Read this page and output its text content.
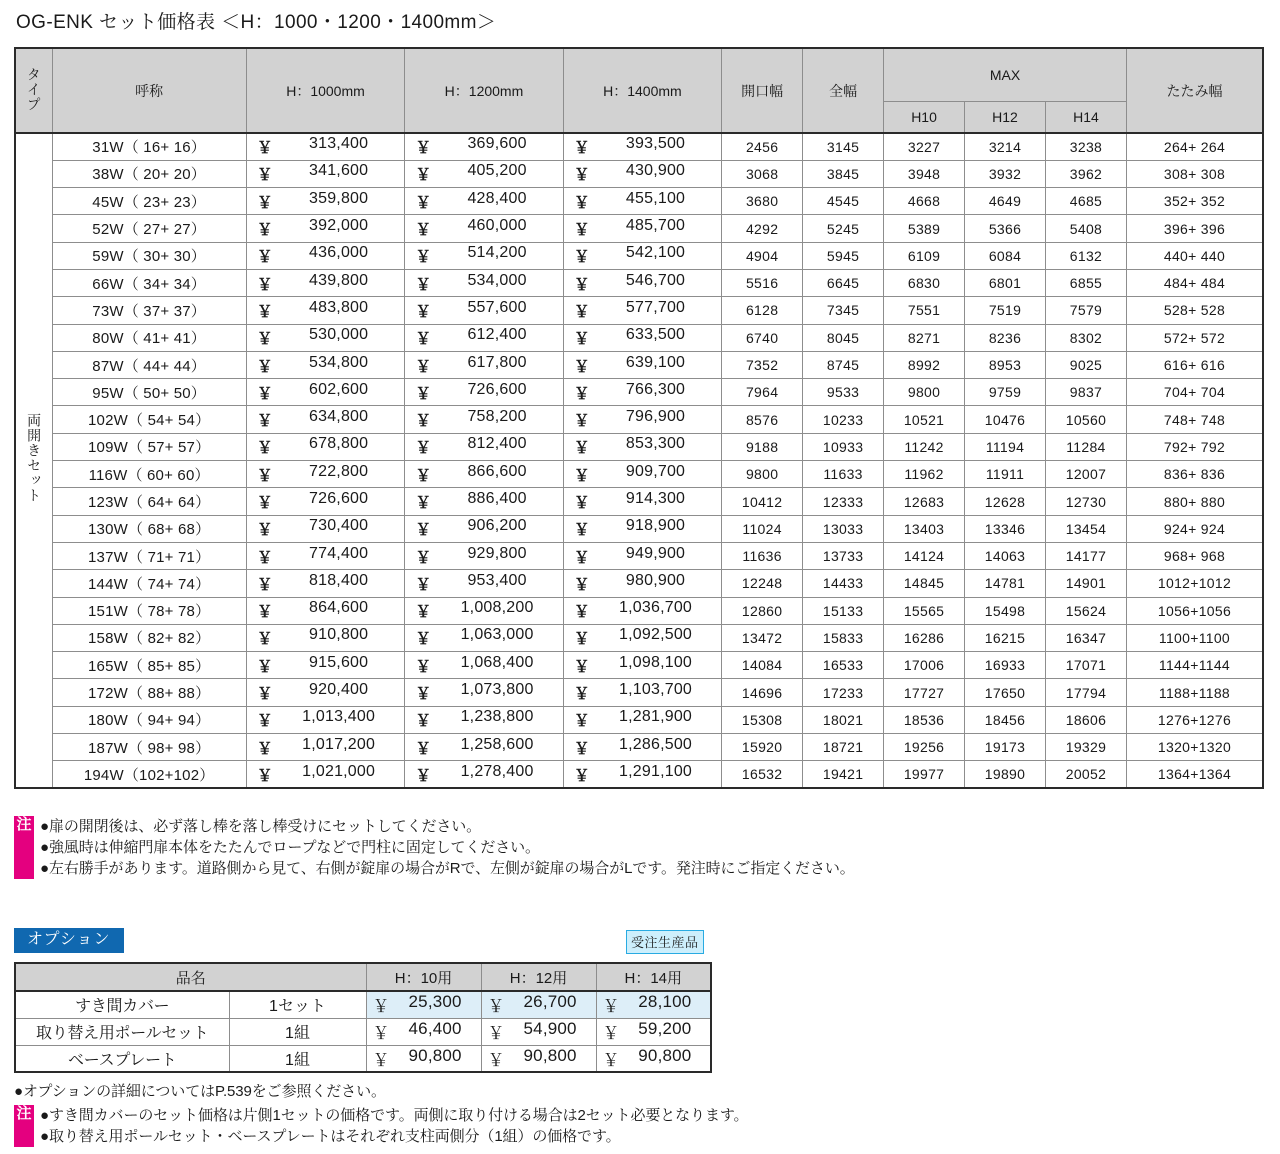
OG-ENK セット価格表 ＜H：1000・1200・1400mm＞
タイプ	呼称	H：1000mm	H：1200mm	H：1400mm	開口幅	全幅	MAX			たたみ幅
							H10	H12	H14	
両開きセット	31W（ 16+ 16）	￥ 313,400	￥ 369,600	￥ 393,500	2456	3145	3227	3214	3238	264+ 264
	38W（ 20+ 20）	￥ 341,600	￥ 405,200	￥ 430,900	3068	3845	3948	3932	3962	308+ 308
	45W（ 23+ 23）	￥ 359,800	￥ 428,400	￥ 455,100	3680	4545	4668	4649	4685	352+ 352
	52W（ 27+ 27）	￥ 392,000	￥ 460,000	￥ 485,700	4292	5245	5389	5366	5408	396+ 396
	59W（ 30+ 30）	￥ 436,000	￥ 514,200	￥ 542,100	4904	5945	6109	6084	6132	440+ 440
	66W（ 34+ 34）	￥ 439,800	￥ 534,000	￥ 546,700	5516	6645	6830	6801	6855	484+ 484
	73W（ 37+ 37）	￥ 483,800	￥ 557,600	￥ 577,700	6128	7345	7551	7519	7579	528+ 528
	80W（ 41+ 41）	￥ 530,000	￥ 612,400	￥ 633,500	6740	8045	8271	8236	8302	572+ 572
	87W（ 44+ 44）	￥ 534,800	￥ 617,800	￥ 639,100	7352	8745	8992	8953	9025	616+ 616
	95W（ 50+ 50）	￥ 602,600	￥ 726,600	￥ 766,300	7964	9533	9800	9759	9837	704+ 704
	102W（ 54+ 54）	￥ 634,800	￥ 758,200	￥ 796,900	8576	10233	10521	10476	10560	748+ 748
	109W（ 57+ 57）	￥ 678,800	￥ 812,400	￥ 853,300	9188	10933	11242	11194	11284	792+ 792
	116W（ 60+ 60）	￥ 722,800	￥ 866,600	￥ 909,700	9800	11633	11962	11911	12007	836+ 836
	123W（ 64+ 64）	￥ 726,600	￥ 886,400	￥ 914,300	10412	12333	12683	12628	12730	880+ 880
	130W（ 68+ 68）	￥ 730,400	￥ 906,200	￥ 918,900	11024	13033	13403	13346	13454	924+ 924
	137W（ 71+ 71）	￥ 774,400	￥ 929,800	￥ 949,900	11636	13733	14124	14063	14177	968+ 968
	144W（ 74+ 74）	￥ 818,400	￥ 953,400	￥ 980,900	12248	14433	14845	14781	14901	1012+1012
	151W（ 78+ 78）	￥ 864,600	￥ 1,008,200	￥ 1,036,700	12860	15133	15565	15498	15624	1056+1056
	158W（ 82+ 82）	￥ 910,800	￥ 1,063,000	￥ 1,092,500	13472	15833	16286	16215	16347	1100+1100
	165W（ 85+ 85）	￥ 915,600	￥ 1,068,400	￥ 1,098,100	14084	16533	17006	16933	17071	1144+1144
	172W（ 88+ 88）	￥ 920,400	￥ 1,073,800	￥ 1,103,700	14696	17233	17727	17650	17794	1188+1188
	180W（ 94+ 94）	￥ 1,013,400	￥ 1,238,800	￥ 1,281,900	15308	18021	18536	18456	18606	1276+1276
	187W（ 98+ 98）	￥ 1,017,200	￥ 1,258,600	￥ 1,286,500	15920	18721	19256	19173	19329	1320+1320
	194W（102+102）	￥ 1,021,000	￥ 1,278,400	￥ 1,291,100	16532	19421	19977	19890	20052	1364+1364
注 ●扉の開閉後は、必ず落し棒を落し棒受けにセットしてください。
●強風時は伸縮門扉本体をたたんでロープなどで門柱に固定してください。
●左右勝手があります。道路側から見て、右側が錠扉の場合がRで、左側が錠扉の場合がLです。発注時にご指定ください。
オプション	受注生産品
品名		H：10用	H：12用	H：14用
すき間カバー	1セット	￥ 25,300	￥ 26,700	￥ 28,100
取り替え用ポールセット	1組	￥ 46,400	￥ 54,900	￥ 59,200
ベースプレート	1組	￥ 90,800	￥ 90,800	￥ 90,800
●オプションの詳細についてはP.539をご参照ください。
注 ●すき間カバーのセット価格は片側1セットの価格です。両側に取り付ける場合は2セット必要となります。
●取り替え用ポールセット・ベースプレートはそれぞれ支柱両側分（1組）の価格です。
